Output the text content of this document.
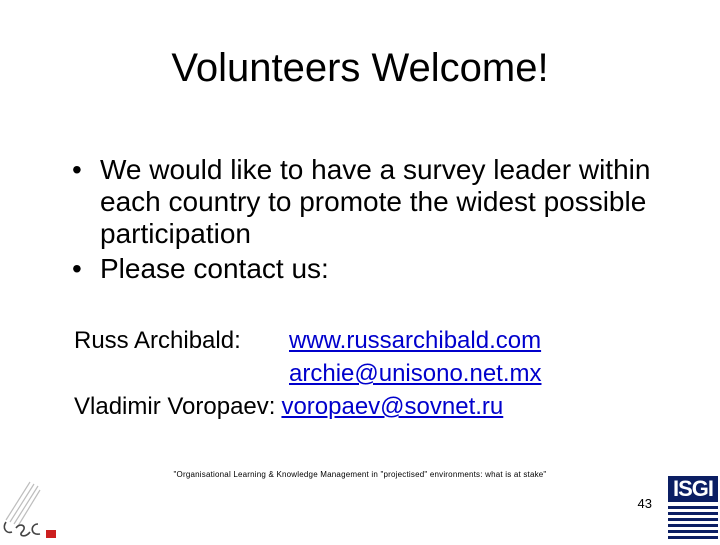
Volunteers Welcome!
• We would like to have a survey leader within each country to promote the widest possible participation
• Please contact us:
Russ Archibald: www.russarchibald.com
archie@unisono.net.mx
Vladimir Voropaev: voropaev@sovnet.ru
"Organisational Learning & Knowledge Management in "projectised" environments: what is at stake"
43
ISGI
